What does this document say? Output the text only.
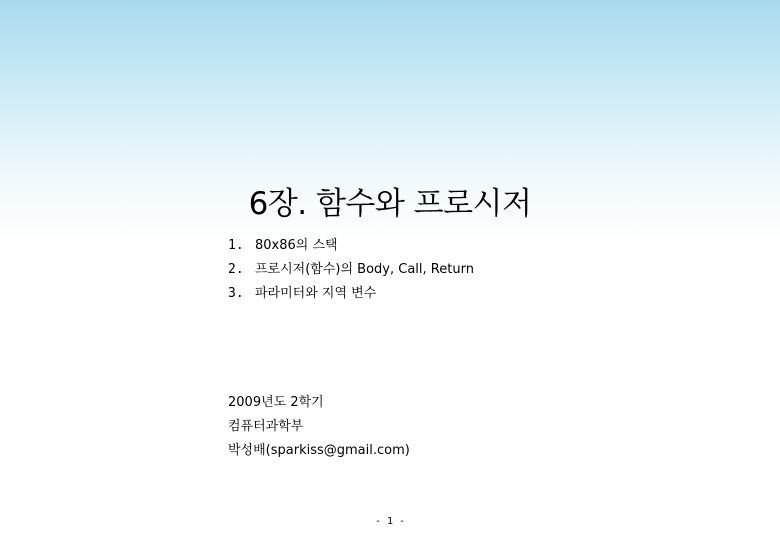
6장. 함수와 프로시저
1. 80x86의 스택
2. 프로시저(함수)의 Body, Call, Return
3. 파라미터와 지역 변수
2009년도 2학기
컴퓨터과학부
박성배(sparkiss@gmail.com)
- 1 -
